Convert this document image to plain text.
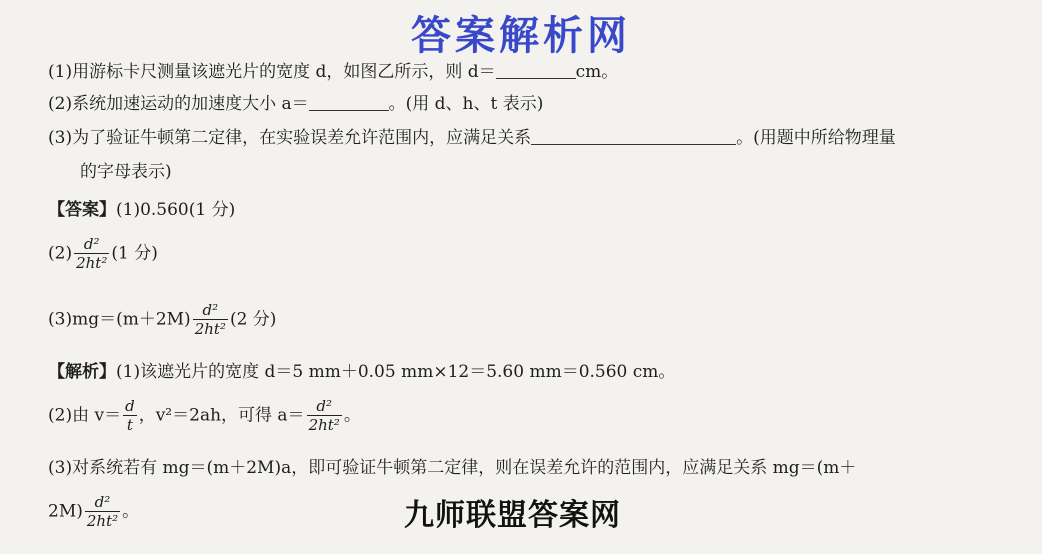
答案解析网
(1)用游标卡尺测量该遮光片的宽度 d，如图乙所示，则 d＝	cm。
(2)系统加速运动的加速度大小 a＝	。(用 d、h、t 表示)
(3)为了验证牛顿第二定律，在实验误差允许范围内，应满足关系	。(用题中所给物理量
的字母表示)
【答案】(1)0.560(1 分)
$(2) \frac{\text{d²}}{\text{2ht²}} (1$ 分)
$(3)mg=(m+2M) \frac{\text{d²}}{\text{2ht²}} (2$ 分)
【解析】(1)该遮光片的宽度 d＝5 mm＋0.05 mm×12＝5.60 mm＝0.560 cm。
(2)由 $v= \frac{d}{t}$ ，v²＝2ah，可得 $a= \frac{\text{d²}}{\text{2ht²}}$ 。
(3)对系统若有 mg＝(m＋2M)a，即可验证牛顿第二定律，则在误差允许的范围内，应满足关系 mg＝(m＋
$2M) \frac{\text{d²}}{\text{2ht²}}$ 。	九师联盟答案网
